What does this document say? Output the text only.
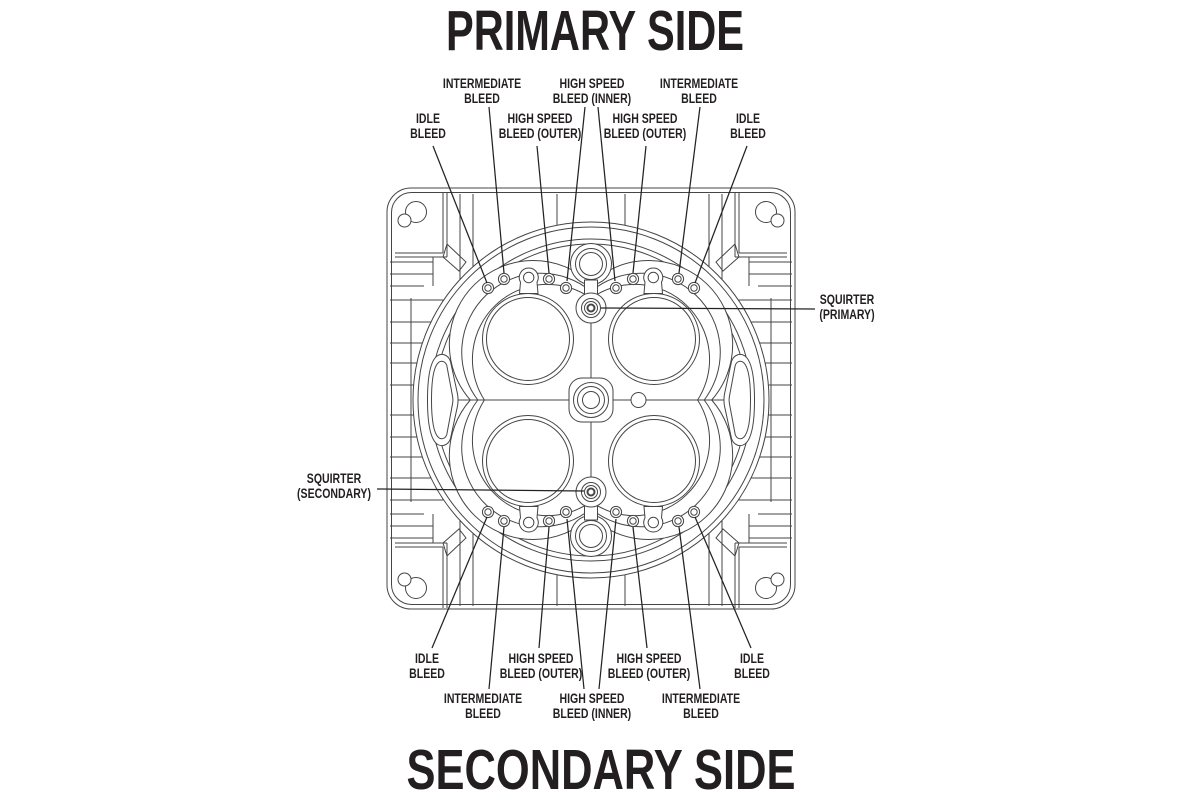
PRIMARY SIDE
SECONDARY SIDE
IDLE
BLEED
INTERMEDIATE
BLEED
HIGH SPEED
BLEED (OUTER)
HIGH SPEED
BLEED (INNER)
HIGH SPEED
BLEED (OUTER)
INTERMEDIATE
BLEED
IDLE
BLEED
SQUIRTER
(PRIMARY)
SQUIRTER
(SECONDARY)
IDLE
BLEED
INTERMEDIATE
BLEED
HIGH SPEED
BLEED (OUTER)
HIGH SPEED
BLEED (INNER)
HIGH SPEED
BLEED (OUTER)
INTERMEDIATE
BLEED
IDLE
BLEED
